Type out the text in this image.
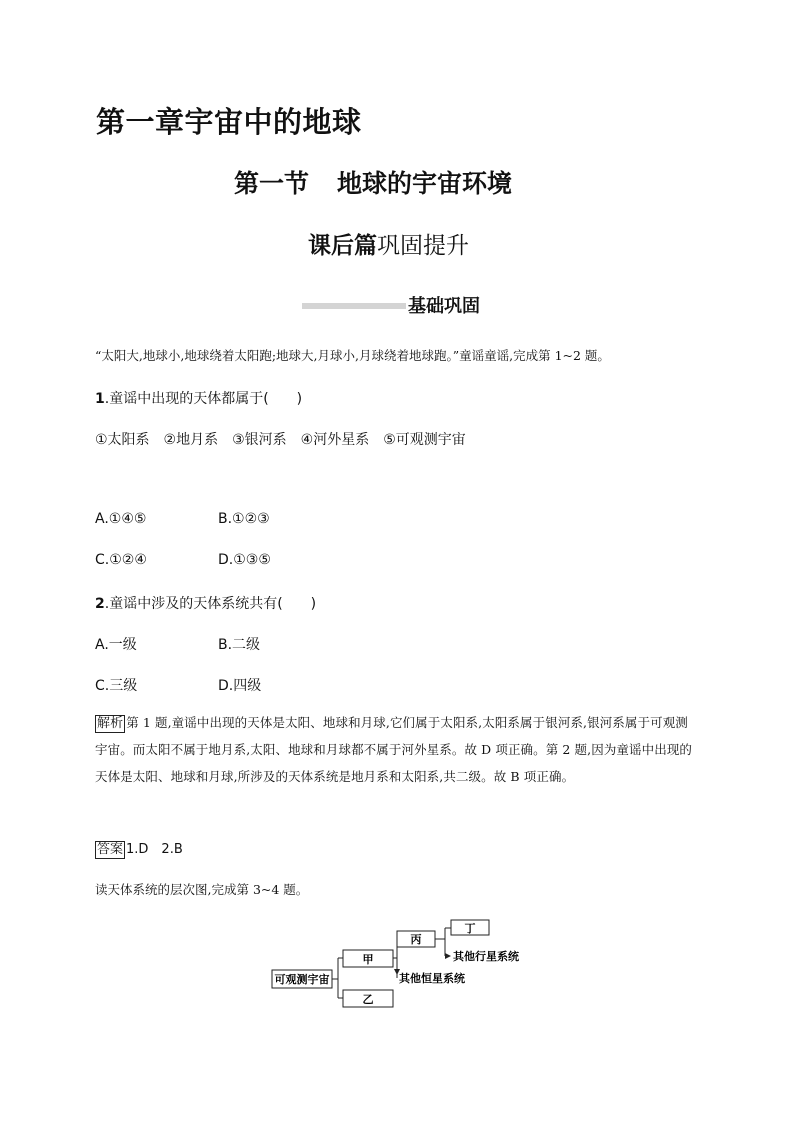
第一章宇宙中的地球
第一节 地球的宇宙环境
课后篇巩固提升
基础巩固
“太阳大,地球小,地球绕着太阳跑;地球大,月球小,月球绕着地球跑。”童谣童谣,完成第 1~2 题。
1.童谣中出现的天体都属于(　　)
①太阳系　②地月系　③银河系　④河外星系　⑤可观测宇宙
A.①④⑤	B.①②③
C.①②④	D.①③⑤
2.童谣中涉及的天体系统共有(　　)
A.一级	B.二级
C.三级	D.四级
解析 第 1 题,童谣中出现的天体是太阳、地球和月球,它们属于太阳系,太阳系属于银河系,银河系属于可观测宇宙。而太阳不属于地月系,太阳、地球和月球都不属于河外星系。故 D 项正确。第 2 题,因为童谣中出现的天体是太阳、地球和月球,所涉及的天体系统是地月系和太阳系,共二级。故 B 项正确。
答案 1.D　2.B
读天体系统的层次图,完成第 3~4 题。
可观测宇宙
甲
乙
丙
丁
其他行星系统
其他恒星系统
